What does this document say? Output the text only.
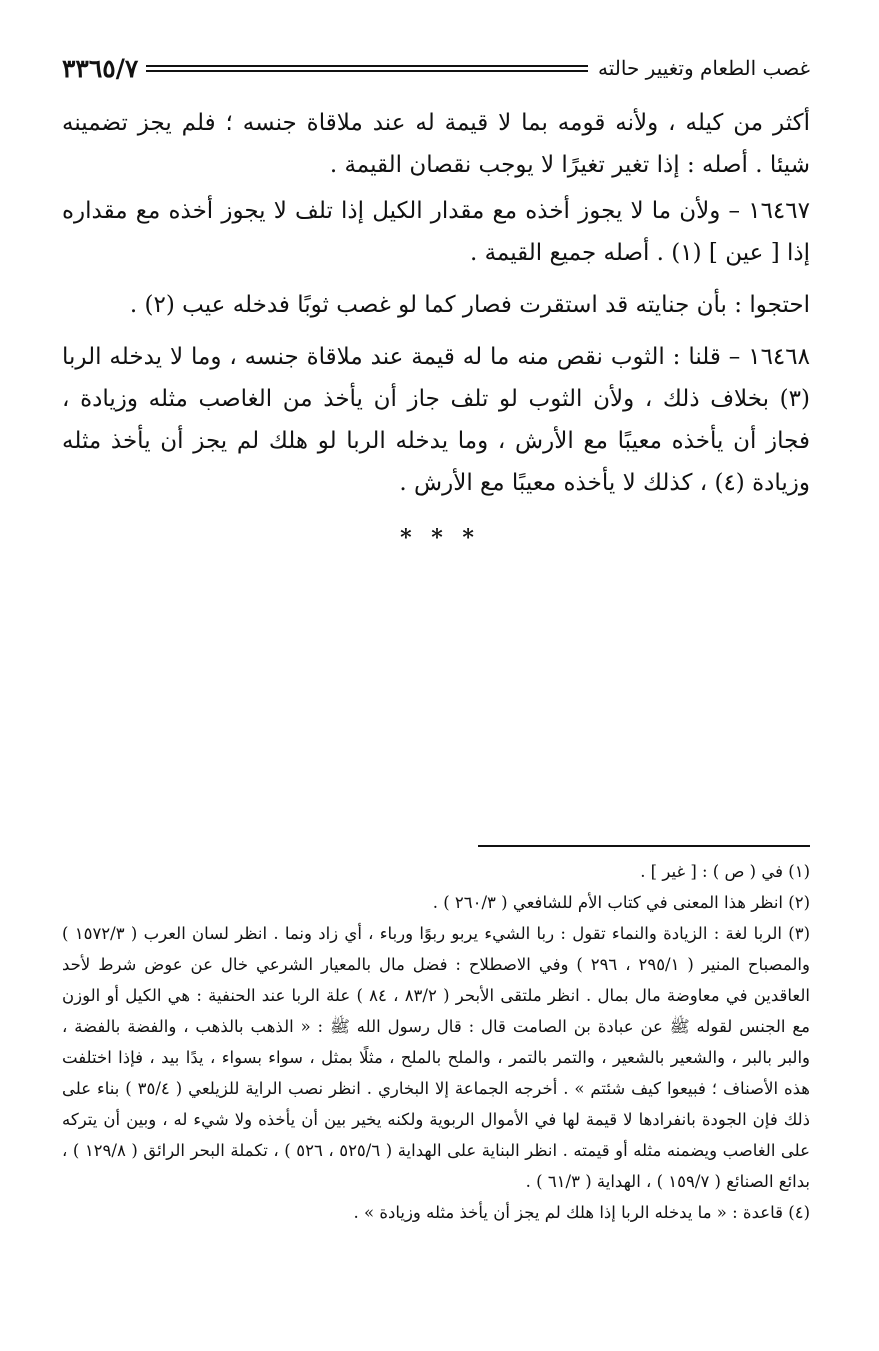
غصب الطعام وتغيير حالته
٣٣٦٥/٧

أكثر من كيله ، ولأنه قومه بما لا قيمة له عند ملاقاة جنسه ؛ فلم يجز تضمينه شيئا . أصله : إذا تغير تغيرًا لا يوجب نقصان القيمة .

١٦٤٦٧ – ولأن ما لا يجوز أخذه مع مقدار الكيل إذا تلف لا يجوز أخذه مع مقداره إذا [ عين ] (١) . أصله جميع القيمة .

احتجوا : بأن جنايته قد استقرت فصار كما لو غصب ثوبًا فدخله عيب (٢) .

١٦٤٦٨ – قلنا : الثوب نقص منه ما له قيمة عند ملاقاة جنسه ، وما لا يدخله الربا (٣) بخلاف ذلك ، ولأن الثوب لو تلف جاز أن يأخذ من الغاصب مثله وزيادة ، فجاز أن يأخذه معيبًا مع الأرش ، وما يدخله الربا لو هلك لم يجز أن يأخذ مثله وزيادة (٤) ، كذلك لا يأخذه معيبًا مع الأرش .

* * *

(١) في ( ص ) : [ غير ] .

(٢) انظر هذا المعنى في كتاب الأم للشافعي ( ٢٦٠/٣ ) .

(٣) الربا لغة : الزيادة والنماء تقول : ربا الشيء يربو ربوًا ورباء ، أي زاد ونما . انظر لسان العرب ( ١٥٧٢/٣ ) والمصباح المنير ( ٢٩٥/١ ، ٢٩٦ ) وفي الاصطلاح : فضل مال بالمعيار الشرعي خال عن عوض شرط لأحد العاقدين في معاوضة مال بمال . انظر ملتقى الأبحر ( ٨٣/٢ ، ٨٤ ) علة الربا عند الحنفية : هي الكيل أو الوزن مع الجنس لقوله ﷺ عن عبادة بن الصامت قال : قال رسول الله ﷺ : « الذهب بالذهب ، والفضة بالفضة ، والبر بالبر ، والشعير بالشعير ، والتمر بالتمر ، والملح بالملح ، مثلًا بمثل ، سواء بسواء ، يدًا بيد ، فإذا اختلفت هذه الأصناف ؛ فبيعوا كيف شئتم » . أخرجه الجماعة إلا البخاري . انظر نصب الراية للزيلعي ( ٣٥/٤ ) بناء على ذلك فإن الجودة بانفرادها لا قيمة لها في الأموال الربوية ولكنه يخير بين أن يأخذه ولا شيء له ، وبين أن يتركه على الغاصب ويضمنه مثله أو قيمته . انظر البناية على الهداية ( ٥٢٥/٦ ، ٥٢٦ ) ، تكملة البحر الرائق ( ١٢٩/٨ ) ، بدائع الصنائع ( ١٥٩/٧ ) ، الهداية ( ٦١/٣ ) .

(٤) قاعدة : « ما يدخله الربا إذا هلك لم يجز أن يأخذ مثله وزيادة » .
